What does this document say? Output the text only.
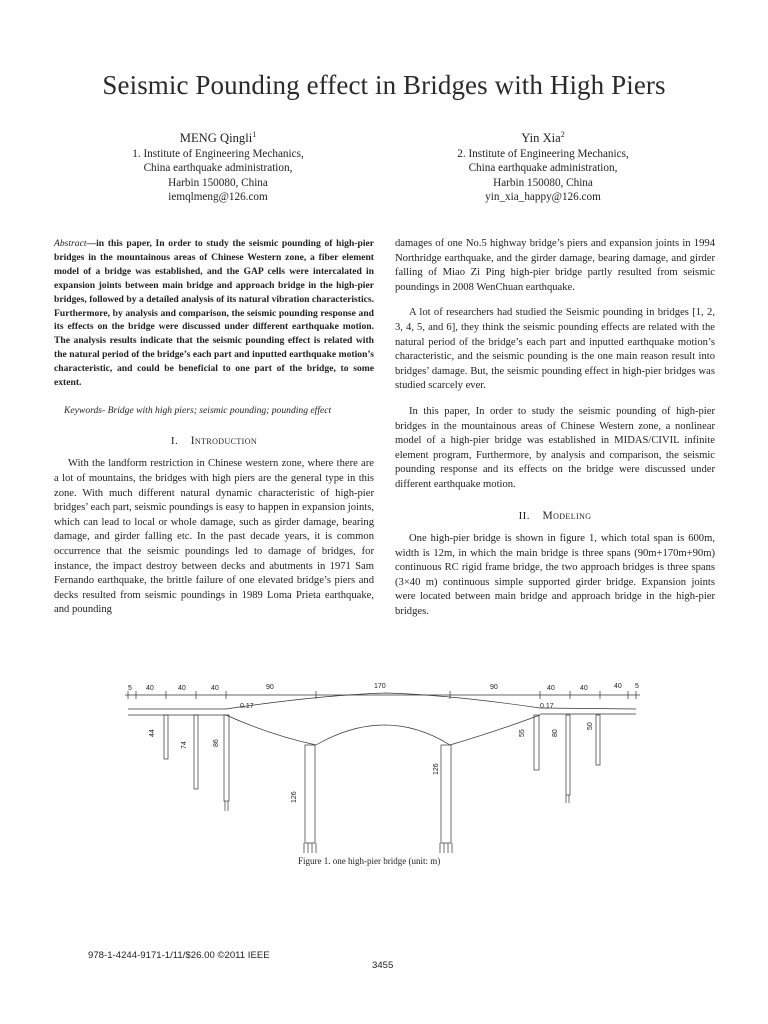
Seismic Pounding effect in Bridges with High Piers
MENG Qingli$^1$
1. Institute of Engineering Mechanics,
China earthquake administration,
Harbin 150080, China
iemqlmeng@126.com
Yin Xia$^2$
2. Institute of Engineering Mechanics,
China earthquake administration,
Harbin 150080, China
yin_xia_happy@126.com

Abstract—in this paper, In order to study the seismic pounding of high-pier bridges in the mountainous areas of Chinese Western zone, a fiber element model of a bridge was established, and the GAP cells were intercalated in expansion joints between main bridge and approach bridge in the high-pier bridges, followed by a detailed analysis of its natural vibration characteristics. Furthermore, by analysis and comparison, the seismic pounding response and its effects on the bridge were discussed under different earthquake motion. The analysis results indicate that the seismic pounding effect is related with the natural period of the bridge’s each part and inputted earthquake motion’s characteristic, and could be beneficial to one part of the bridge, to some extent.

Keywords- Bridge with high piers; seismic pounding; pounding effect

I. Introduction

With the landform restriction in Chinese western zone, where there are a lot of mountains, the bridges with high piers are the general type in this zone. With much different natural dynamic characteristic of high-pier bridges’ each part, seismic poundings is easy to happen in expansion joints, which can lead to local or whole damage, such as girder damage, bearing damage, and girder falling etc. In the past decade years, it is common occurrence that the seismic poundings led to damage of bridges, for instance, the impact destroy between decks and abutments in 1971 Sam Fernando earthquake, the brittle failure of one elevated bridge’s piers and decks resulted from seismic poundings in 1989 Loma Prieta earthquake, and pounding

damages of one No.5 highway bridge’s piers and expansion joints in 1994 Northridge earthquake, and the girder damage, bearing damage, and girder falling of Miao Zi Ping high-pier bridge partly resulted from seismic poundings in 2008 WenChuan earthquake.

A lot of researchers had studied the Seismic pounding in bridges [1, 2, 3, 4, 5, and 6], they think the seismic pounding effects are related with the natural period of the bridge’s each part and inputted earthquake motion’s characteristic, and the seismic pounding is the one main reason result into bridges’ damage. But, the seismic pounding effect in high-pier bridges was studied scarcely ever.

In this paper, In order to study the seismic pounding of high-pier bridges in the mountainous areas of Chinese Western zone, a nonlinear model of a high-pier bridge was established in MIDAS/CIVIL infinite element program, Furthermore, by analysis and comparison, the seismic pounding response and its effects on the bridge were discussed under different earthquake motion.

II. Modeling

One high-pier bridge is shown in figure 1, which total span is 600m, width is 12m, in which the main bridge is three spans (90m+170m+90m) continuous RC rigid frame bridge, the two approach bridges is three spans (3×40 m) continuous simple supported girder bridge. Expansion joints were located between main bridge and approach bridge in the high-pier bridges.

5 40	40	40	90	170	90	40	40	40 5
0.17	0.17
44
74	86
126
126
55	80
50
Figure 1. one high-pier bridge (unit: m)
978-1-4244-9171-1/11/$26.00 ©2011 IEEE
3455
